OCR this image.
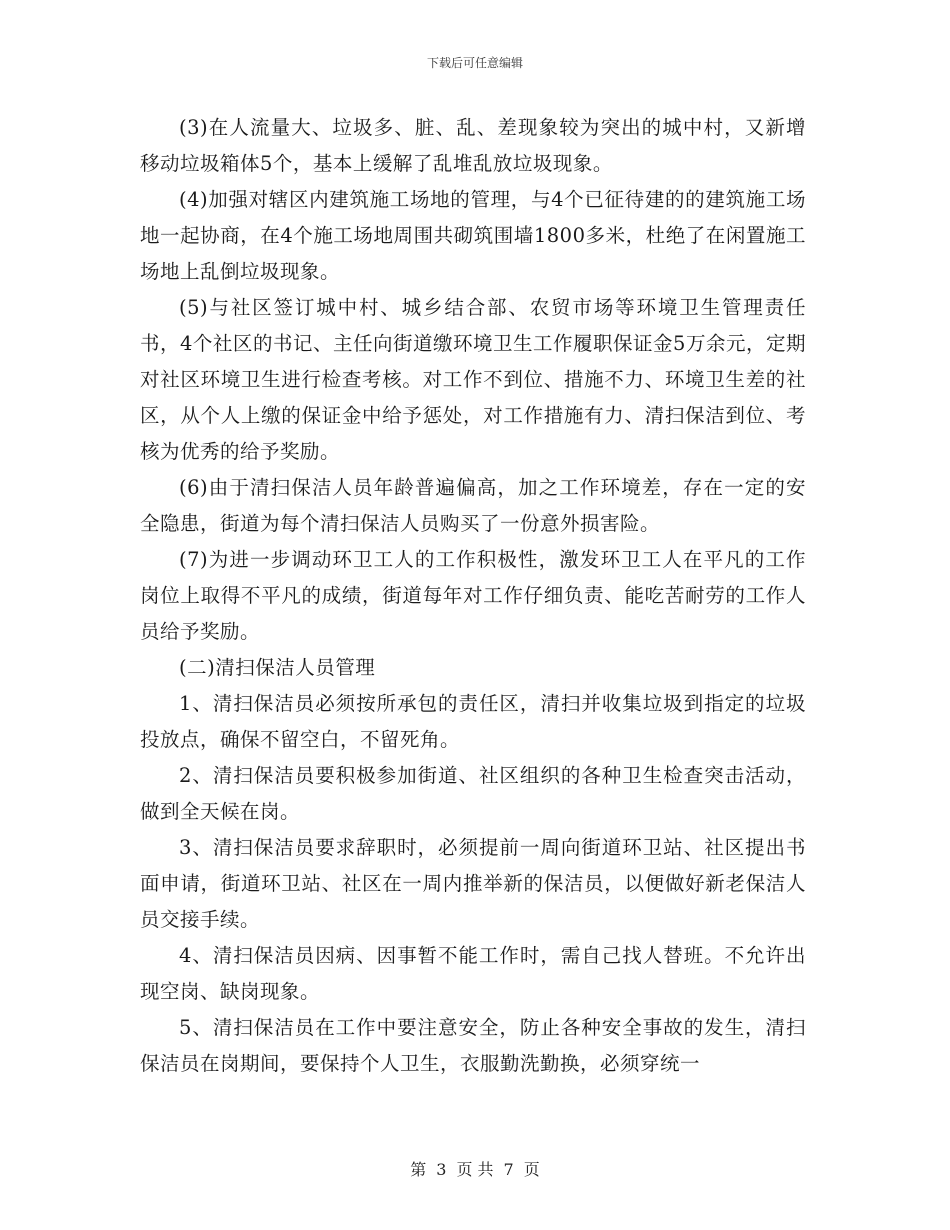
下载后可任意编辑

(3)在人流量大、垃圾多、脏、乱、差现象较为突出的城中村，又新增移动垃圾箱体5个，基本上缓解了乱堆乱放垃圾现象。

(4)加强对辖区内建筑施工场地的管理，与4个已征待建的的建筑施工场地一起协商，在4个施工场地周围共砌筑围墙1800多米，杜绝了在闲置施工场地上乱倒垃圾现象。

(5)与社区签订城中村、城乡结合部、农贸市场等环境卫生管理责任书，4个社区的书记、主任向街道缴环境卫生工作履职保证金5万余元，定期对社区环境卫生进行检查考核。对工作不到位、措施不力、环境卫生差的社区，从个人上缴的保证金中给予惩处，对工作措施有力、清扫保洁到位、考核为优秀的给予奖励。

(6)由于清扫保洁人员年龄普遍偏高，加之工作环境差，存在一定的安全隐患，街道为每个清扫保洁人员购买了一份意外损害险。

(7)为进一步调动环卫工人的工作积极性，激发环卫工人在平凡的工作岗位上取得不平凡的成绩，街道每年对工作仔细负责、能吃苦耐劳的工作人员给予奖励。

(二)清扫保洁人员管理

1、清扫保洁员必须按所承包的责任区，清扫并收集垃圾到指定的垃圾投放点，确保不留空白，不留死角。

2、清扫保洁员要积极参加街道、社区组织的各种卫生检查突击活动，做到全天候在岗。

3、清扫保洁员要求辞职时，必须提前一周向街道环卫站、社区提出书面申请，街道环卫站、社区在一周内推举新的保洁员，以便做好新老保洁人员交接手续。

4、清扫保洁员因病、因事暂不能工作时，需自己找人替班。不允许出现空岗、缺岗现象。

5、清扫保洁员在工作中要注意安全，防止各种安全事故的发生，清扫保洁员在岗期间，要保持个人卫生，衣服勤洗勤换，必须穿统一

第 3 页 共 7 页
